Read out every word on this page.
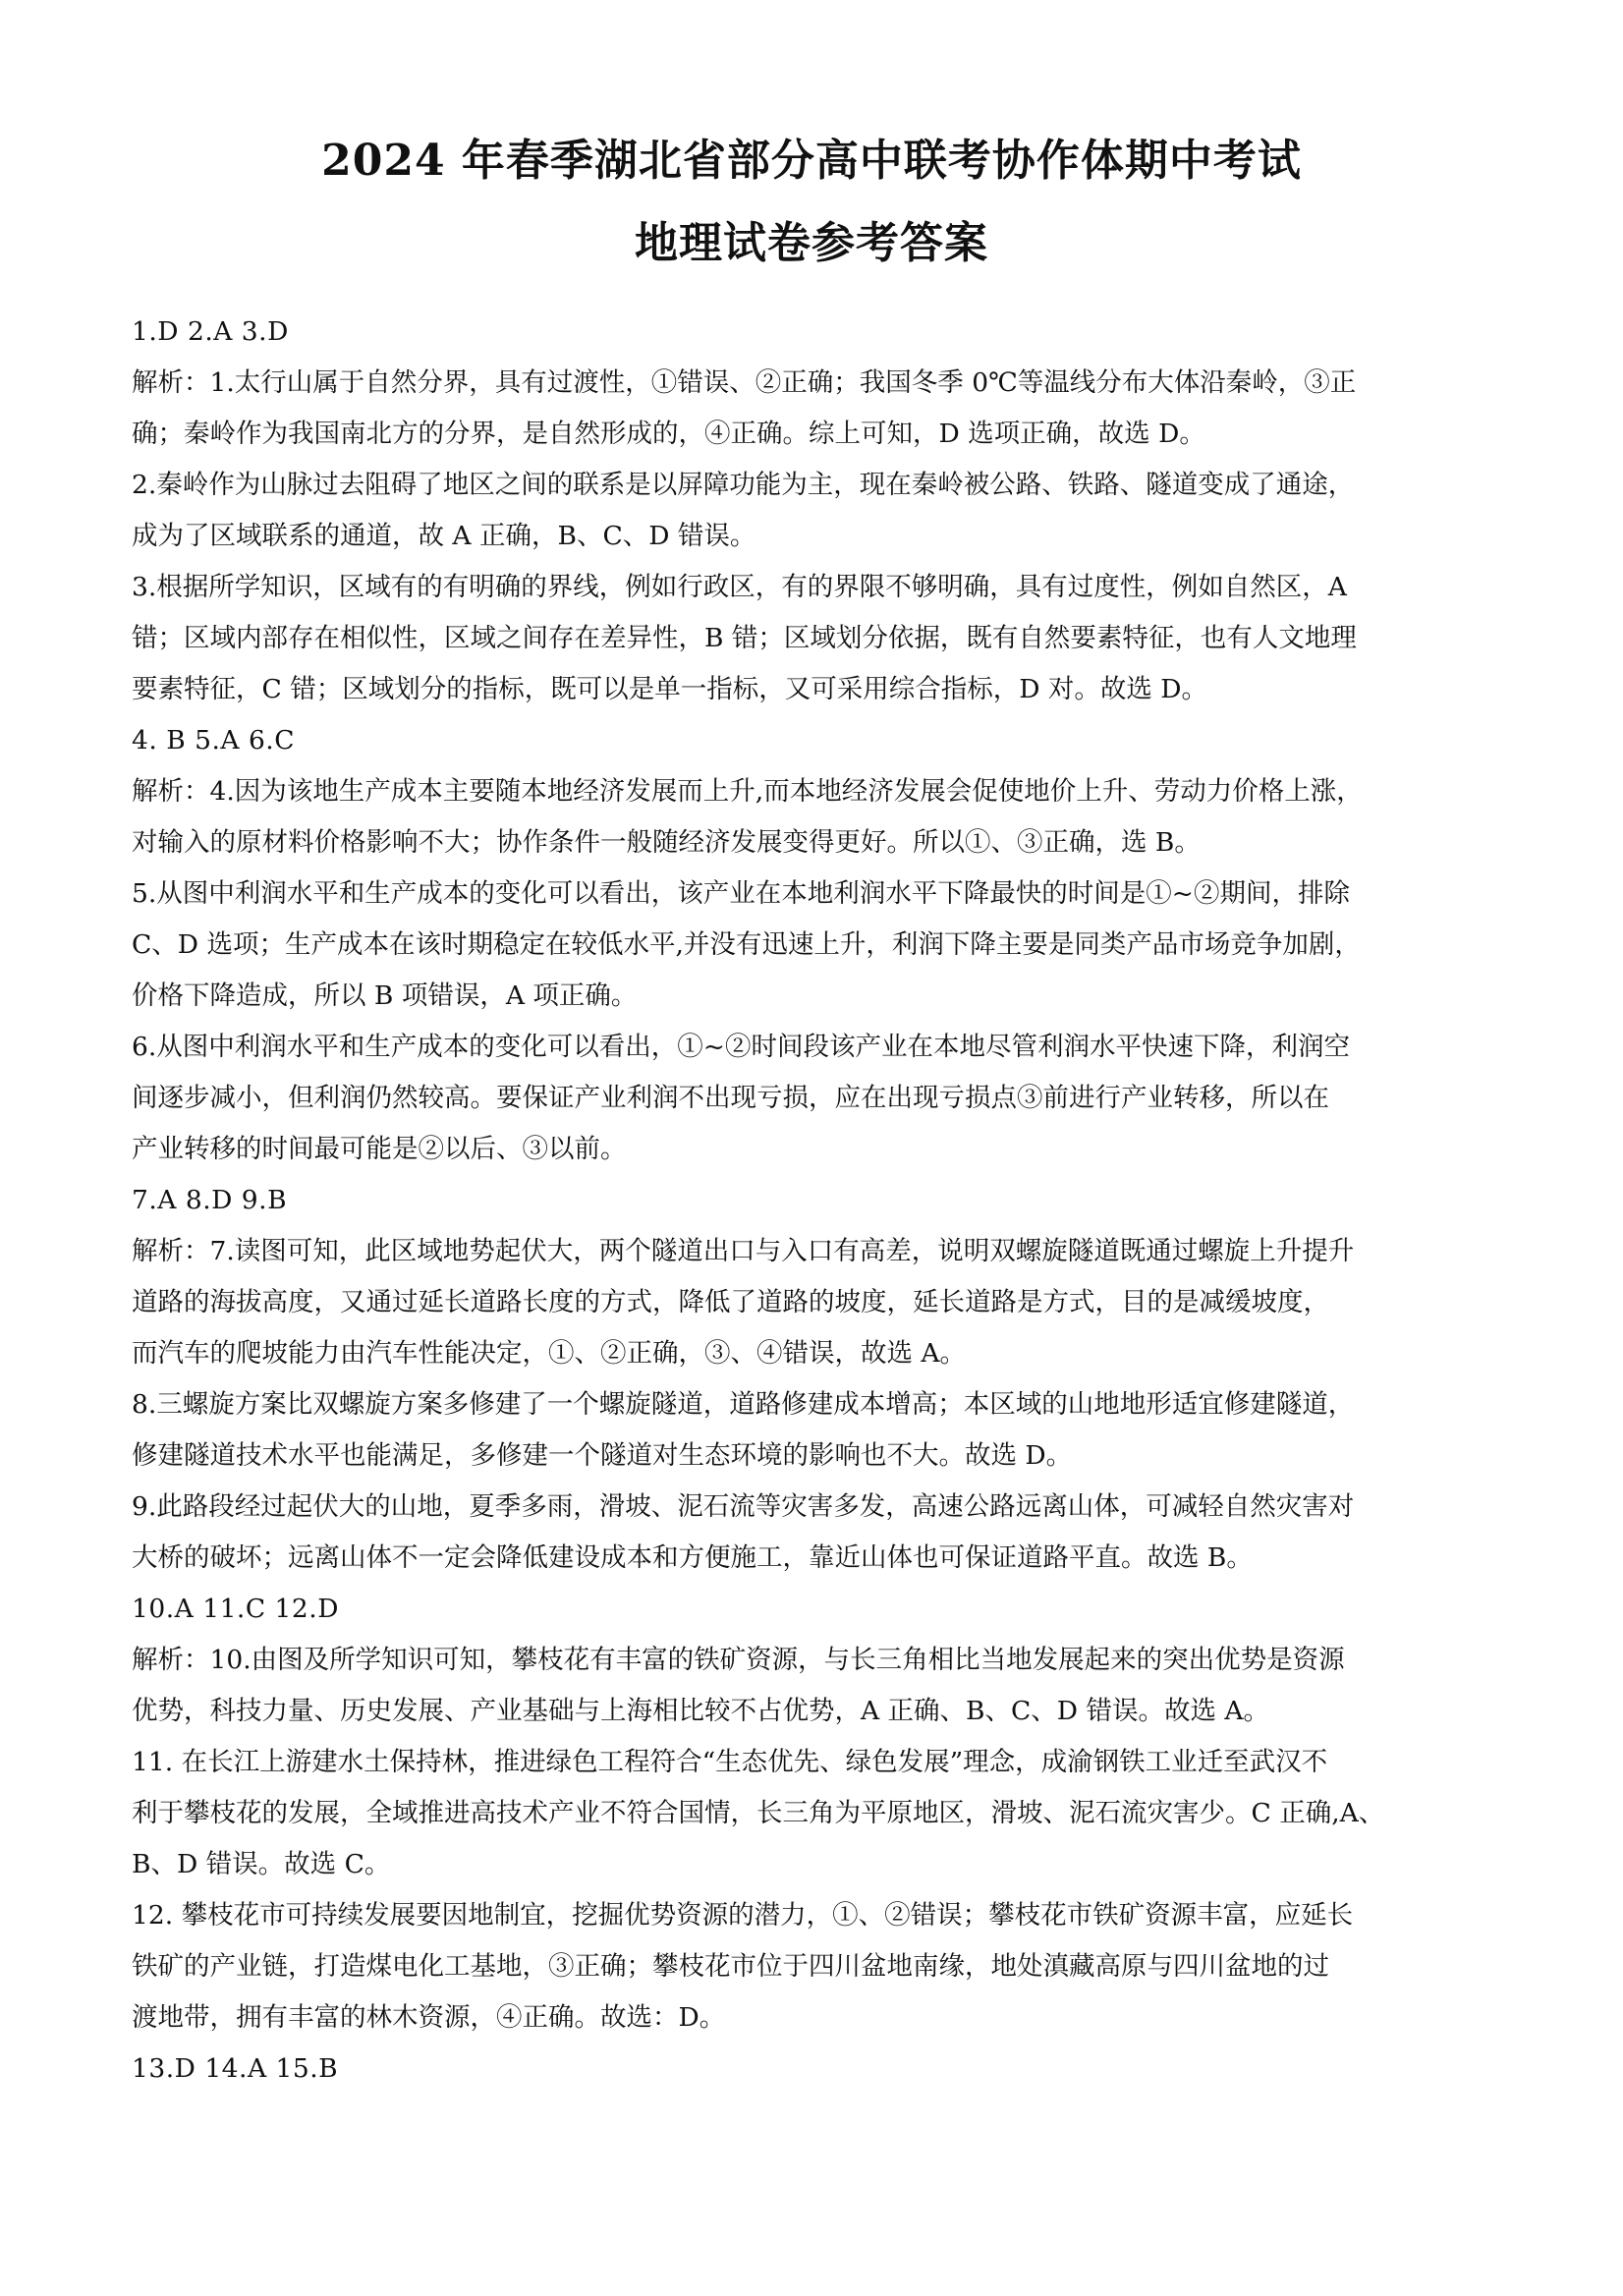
2024 年春季湖北省部分高中联考协作体期中考试
地理试卷参考答案
1.D 2.A 3.D
解析：1.太行山属于自然分界，具有过渡性，①错误、②正确；我国冬季 0℃等温线分布大体沿秦岭，③正
确；秦岭作为我国南北方的分界，是自然形成的，④正确。综上可知，D 选项正确，故选 D。
2.秦岭作为山脉过去阻碍了地区之间的联系是以屏障功能为主，现在秦岭被公路、铁路、隧道变成了通途，
成为了区域联系的通道，故 A 正确，B、C、D 错误。
3.根据所学知识，区域有的有明确的界线，例如行政区，有的界限不够明确，具有过度性，例如自然区，A
错；区域内部存在相似性，区域之间存在差异性，B 错；区域划分依据，既有自然要素特征，也有人文地理
要素特征，C 错；区域划分的指标，既可以是单一指标，又可采用综合指标，D 对。故选 D。
4. B 5.A 6.C
解析：4.因为该地生产成本主要随本地经济发展而上升,而本地经济发展会促使地价上升、劳动力价格上涨，
对输入的原材料价格影响不大；协作条件一般随经济发展变得更好。所以①、③正确，选 B。
5.从图中利润水平和生产成本的变化可以看出，该产业在本地利润水平下降最快的时间是①~②期间，排除
C、D 选项；生产成本在该时期稳定在较低水平,并没有迅速上升，利润下降主要是同类产品市场竞争加剧，
价格下降造成，所以 B 项错误，A 项正确。
6.从图中利润水平和生产成本的变化可以看出，①~②时间段该产业在本地尽管利润水平快速下降，利润空
间逐步减小，但利润仍然较高。要保证产业利润不出现亏损，应在出现亏损点③前进行产业转移，所以在
产业转移的时间最可能是②以后、③以前。
7.A 8.D 9.B
解析：7.读图可知，此区域地势起伏大，两个隧道出口与入口有高差，说明双螺旋隧道既通过螺旋上升提升
道路的海拔高度，又通过延长道路长度的方式，降低了道路的坡度，延长道路是方式，目的是减缓坡度，
而汽车的爬坡能力由汽车性能决定，①、②正确，③、④错误，故选 A。
8.三螺旋方案比双螺旋方案多修建了一个螺旋隧道，道路修建成本增高；本区域的山地地形适宜修建隧道，
修建隧道技术水平也能满足，多修建一个隧道对生态环境的影响也不大。故选 D。
9.此路段经过起伏大的山地，夏季多雨，滑坡、泥石流等灾害多发，高速公路远离山体，可减轻自然灾害对
大桥的破坏；远离山体不一定会降低建设成本和方便施工，靠近山体也可保证道路平直。故选 B。
10.A 11.C 12.D
解析：10.由图及所学知识可知，攀枝花有丰富的铁矿资源，与长三角相比当地发展起来的突出优势是资源
优势，科技力量、历史发展、产业基础与上海相比较不占优势，A 正确、B、C、D 错误。故选 A。
11. 在长江上游建水土保持林，推进绿色工程符合“生态优先、绿色发展”理念，成渝钢铁工业迁至武汉不
利于攀枝花的发展，全域推进高技术产业不符合国情，长三角为平原地区，滑坡、泥石流灾害少。C 正确,A、
B、D 错误。故选 C。
12. 攀枝花市可持续发展要因地制宜，挖掘优势资源的潜力，①、②错误；攀枝花市铁矿资源丰富，应延长
铁矿的产业链，打造煤电化工基地，③正确；攀枝花市位于四川盆地南缘，地处滇藏高原与四川盆地的过
渡地带，拥有丰富的林木资源，④正确。故选：D。
13.D 14.A 15.B
